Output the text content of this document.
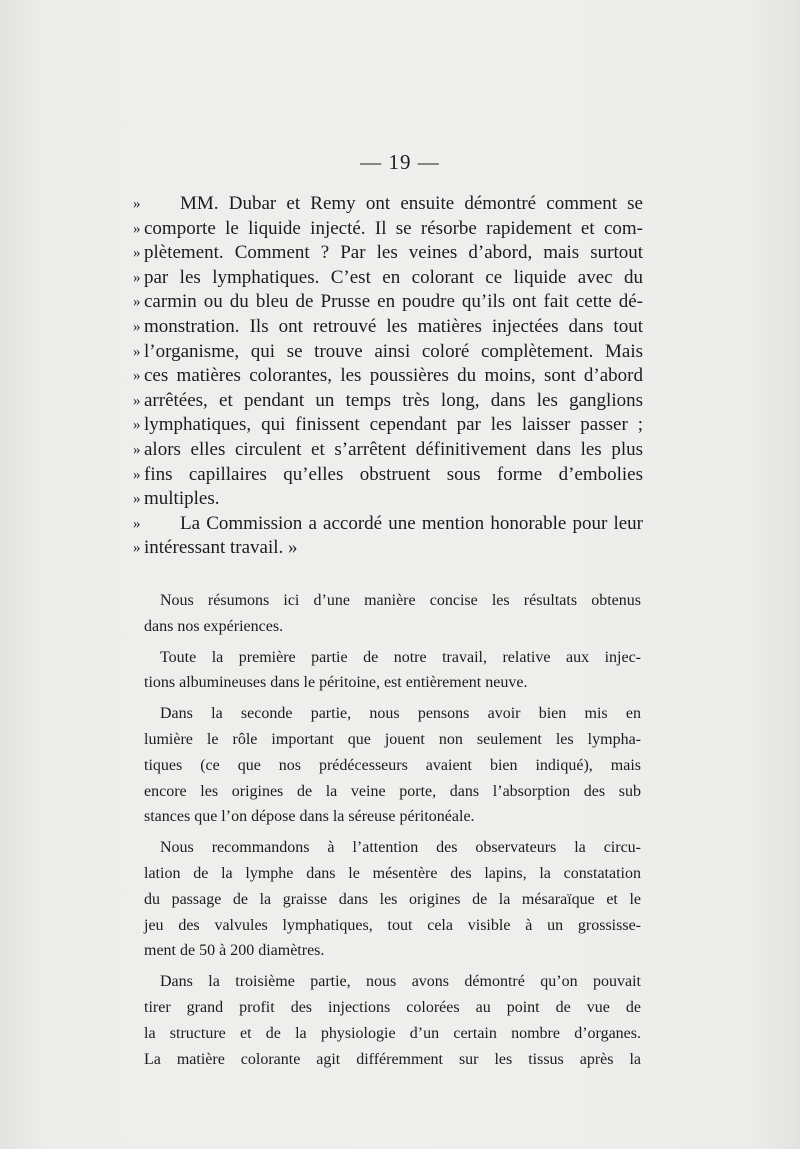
— 19 —
»	MM. Dubar et Remy ont ensuite démontré comment se
» comporte le liquide injecté. Il se résorbe rapidement et com-
» plètement. Comment ? Par les veines d’abord, mais surtout
» par les lymphatiques. C’est en colorant ce liquide avec du
» carmin ou du bleu de Prusse en poudre qu’ils ont fait cette dé-
» monstration. Ils ont retrouvé les matières injectées dans tout
» l’organisme, qui se trouve ainsi coloré complètement. Mais
» ces matières colorantes, les poussières du moins, sont d’abord
» arrêtées, et pendant un temps très long, dans les ganglions
» lymphatiques, qui finissent cependant par les laisser passer ;
» alors elles circulent et s’arrêtent définitivement dans les plus
» fins capillaires qu’elles obstruent sous forme d’embolies
» multiples.
»	La Commission a accordé une mention honorable pour leur
» intéressant travail. »
Nous résumons ici d’une manière concise les résultats obtenus
dans nos expériences.
Toute la première partie de notre travail, relative aux injec-
tions albumineuses dans le péritoine, est entièrement neuve.
Dans la seconde partie, nous pensons avoir bien mis en
lumière le rôle important que jouent non seulement les lympha-
tiques (ce que nos prédécesseurs avaient bien indiqué), mais
encore les origines de la veine porte, dans l’absorption des sub
stances que l’on dépose dans la séreuse péritonéale.
Nous recommandons à l’attention des observateurs la circu-
lation de la lymphe dans le mésentère des lapins, la constatation
du passage de la graisse dans les origines de la mésaraïque et le
jeu des valvules lymphatiques, tout cela visible à un grossisse-
ment de 50 à 200 diamètres.
Dans la troisième partie, nous avons démontré qu’on pouvait
tirer grand profit des injections colorées au point de vue de
la structure et de la physiologie d’un certain nombre d’organes.
La matière colorante agit différemment sur les tissus après la
